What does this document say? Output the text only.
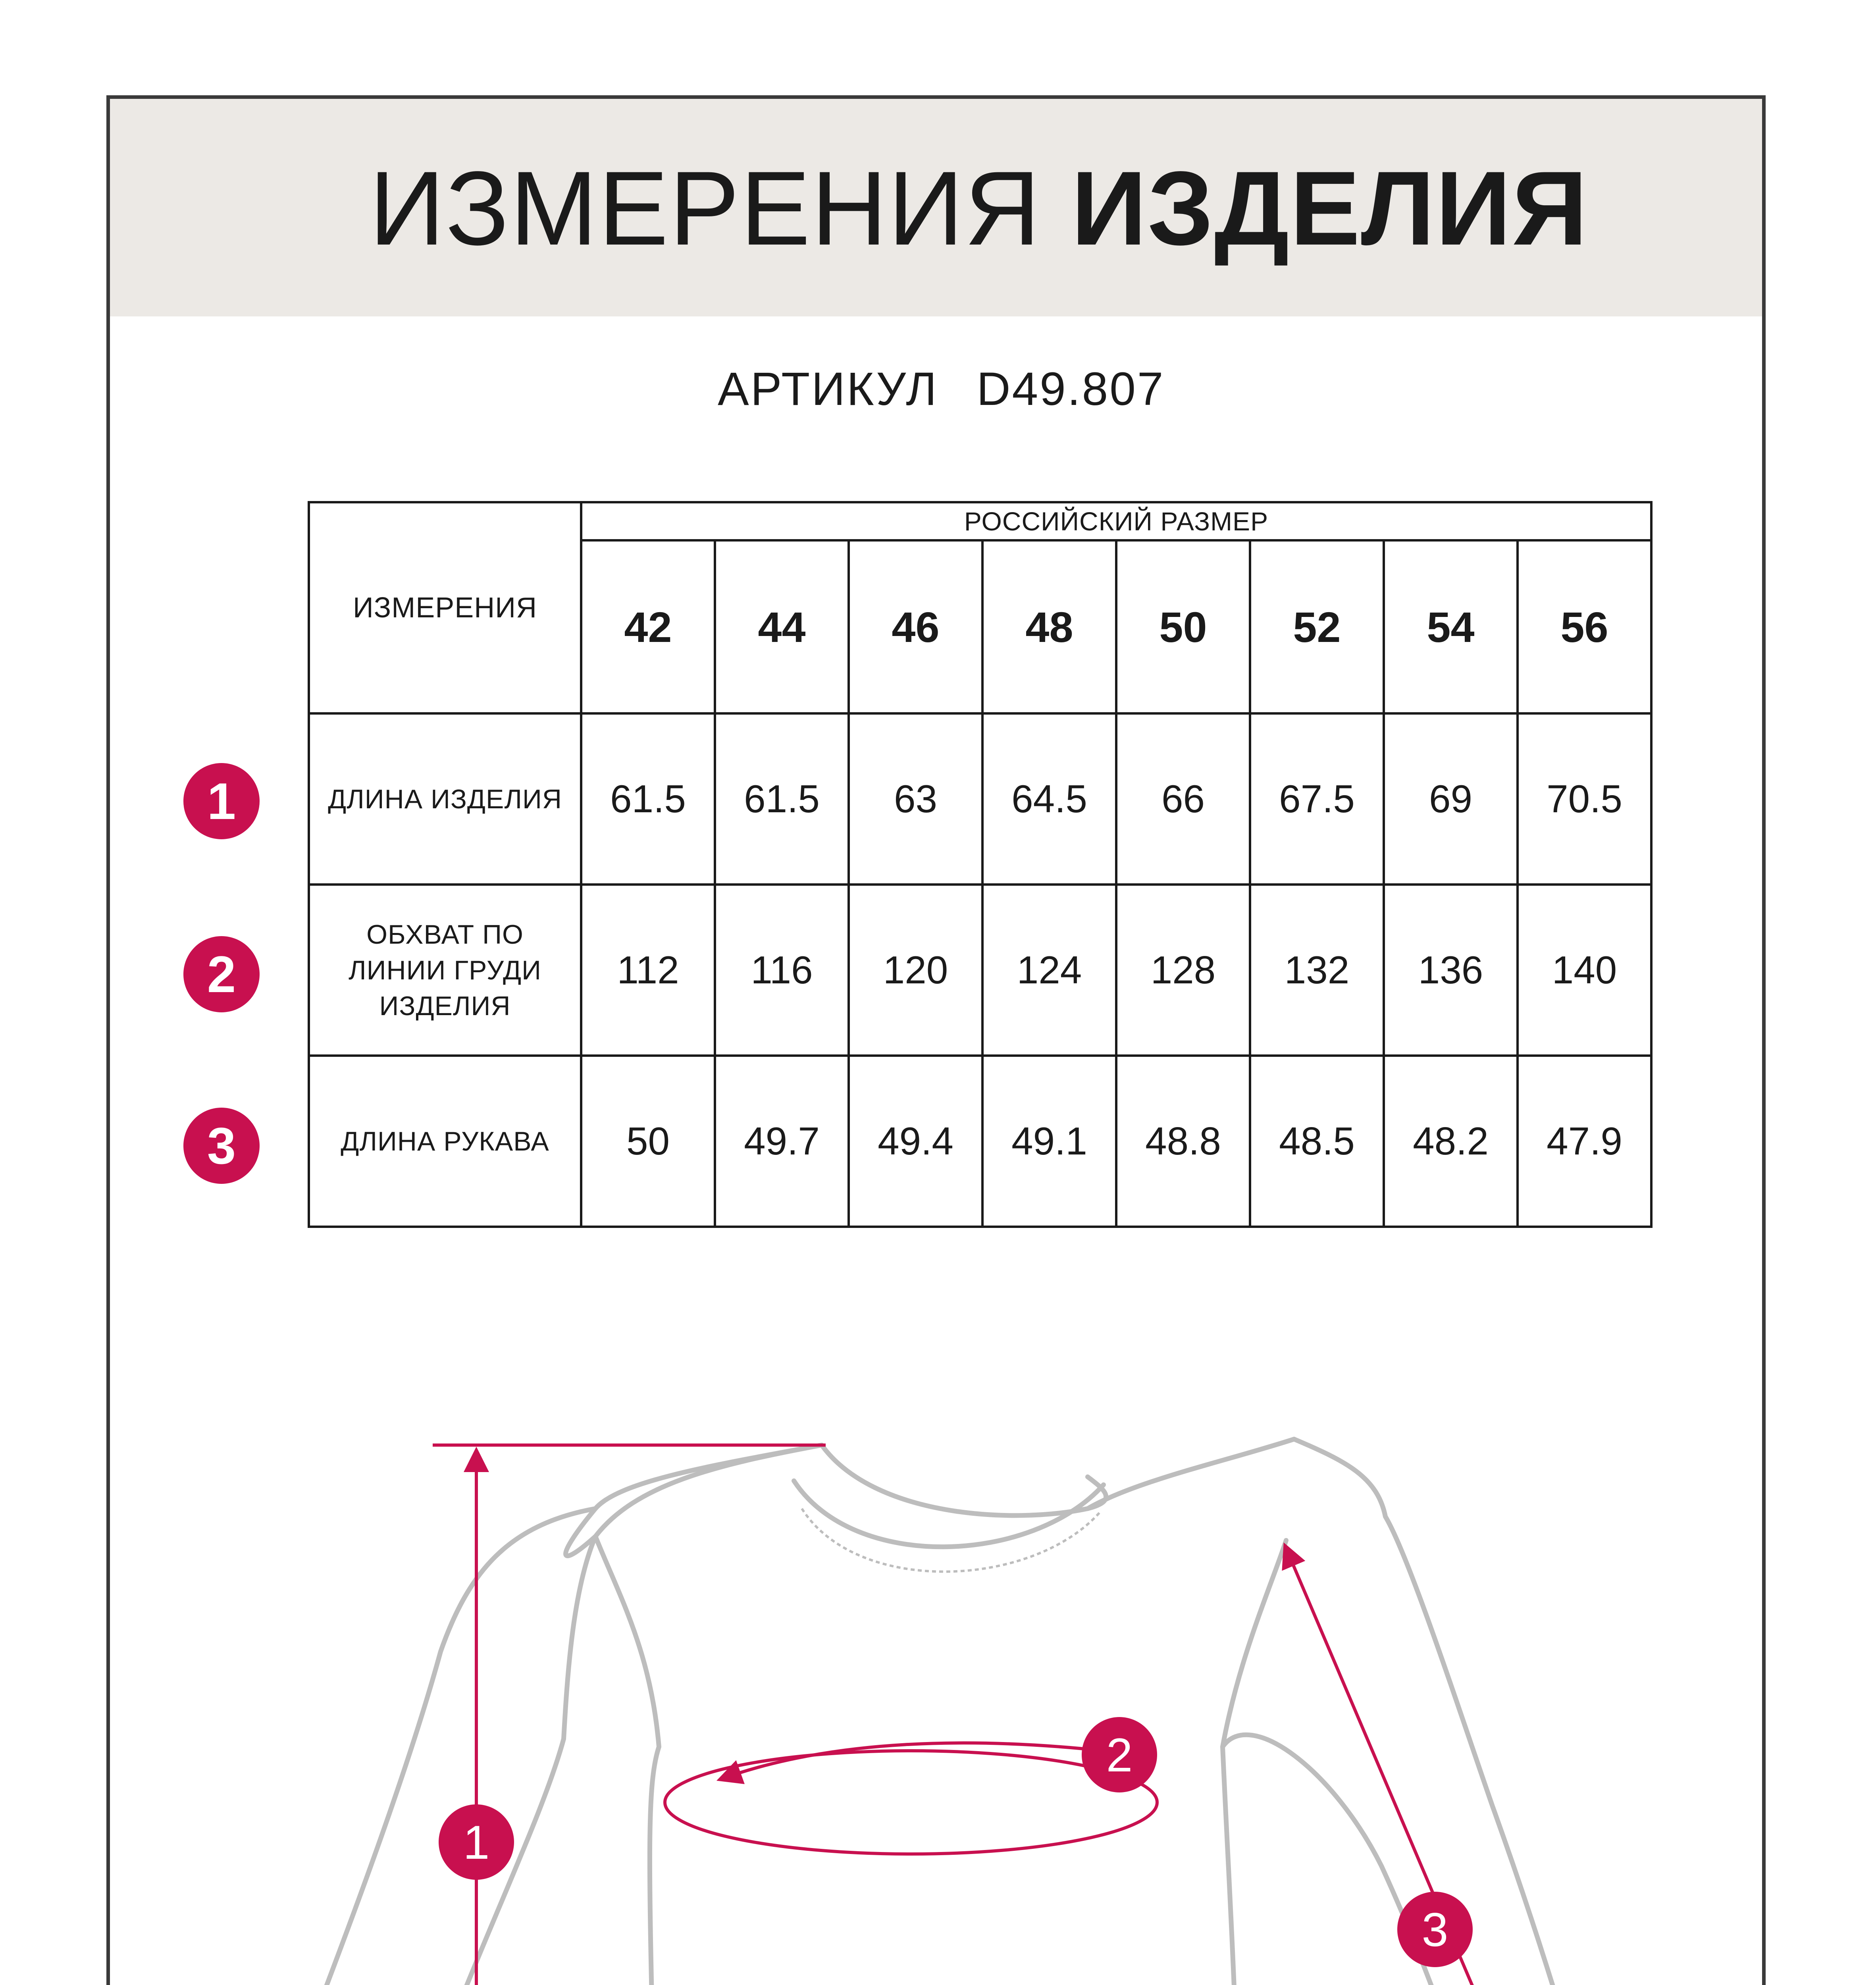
ИЗМЕРЕНИЯ ИЗДЕЛИЯ
АРТИКУЛ D49.807
ИЗМЕРЕНИЯ	РОССИЙСКИЙ РАЗМЕР							
	42	44	46	48	50	52	54	56
ДЛИНА ИЗДЕЛИЯ	61.5	61.5	63	64.5	66	67.5	69	70.5

ОБХВАТ ПО
ЛИНИИ ГРУДИ
ИЗДЕЛИЯ	112	116	120	124	128	132	136	140
ДЛИНА РУКАВА	50	49.7	49.4	49.1	48.8	48.5	48.2	47.9
1
2
3
1
2
3
